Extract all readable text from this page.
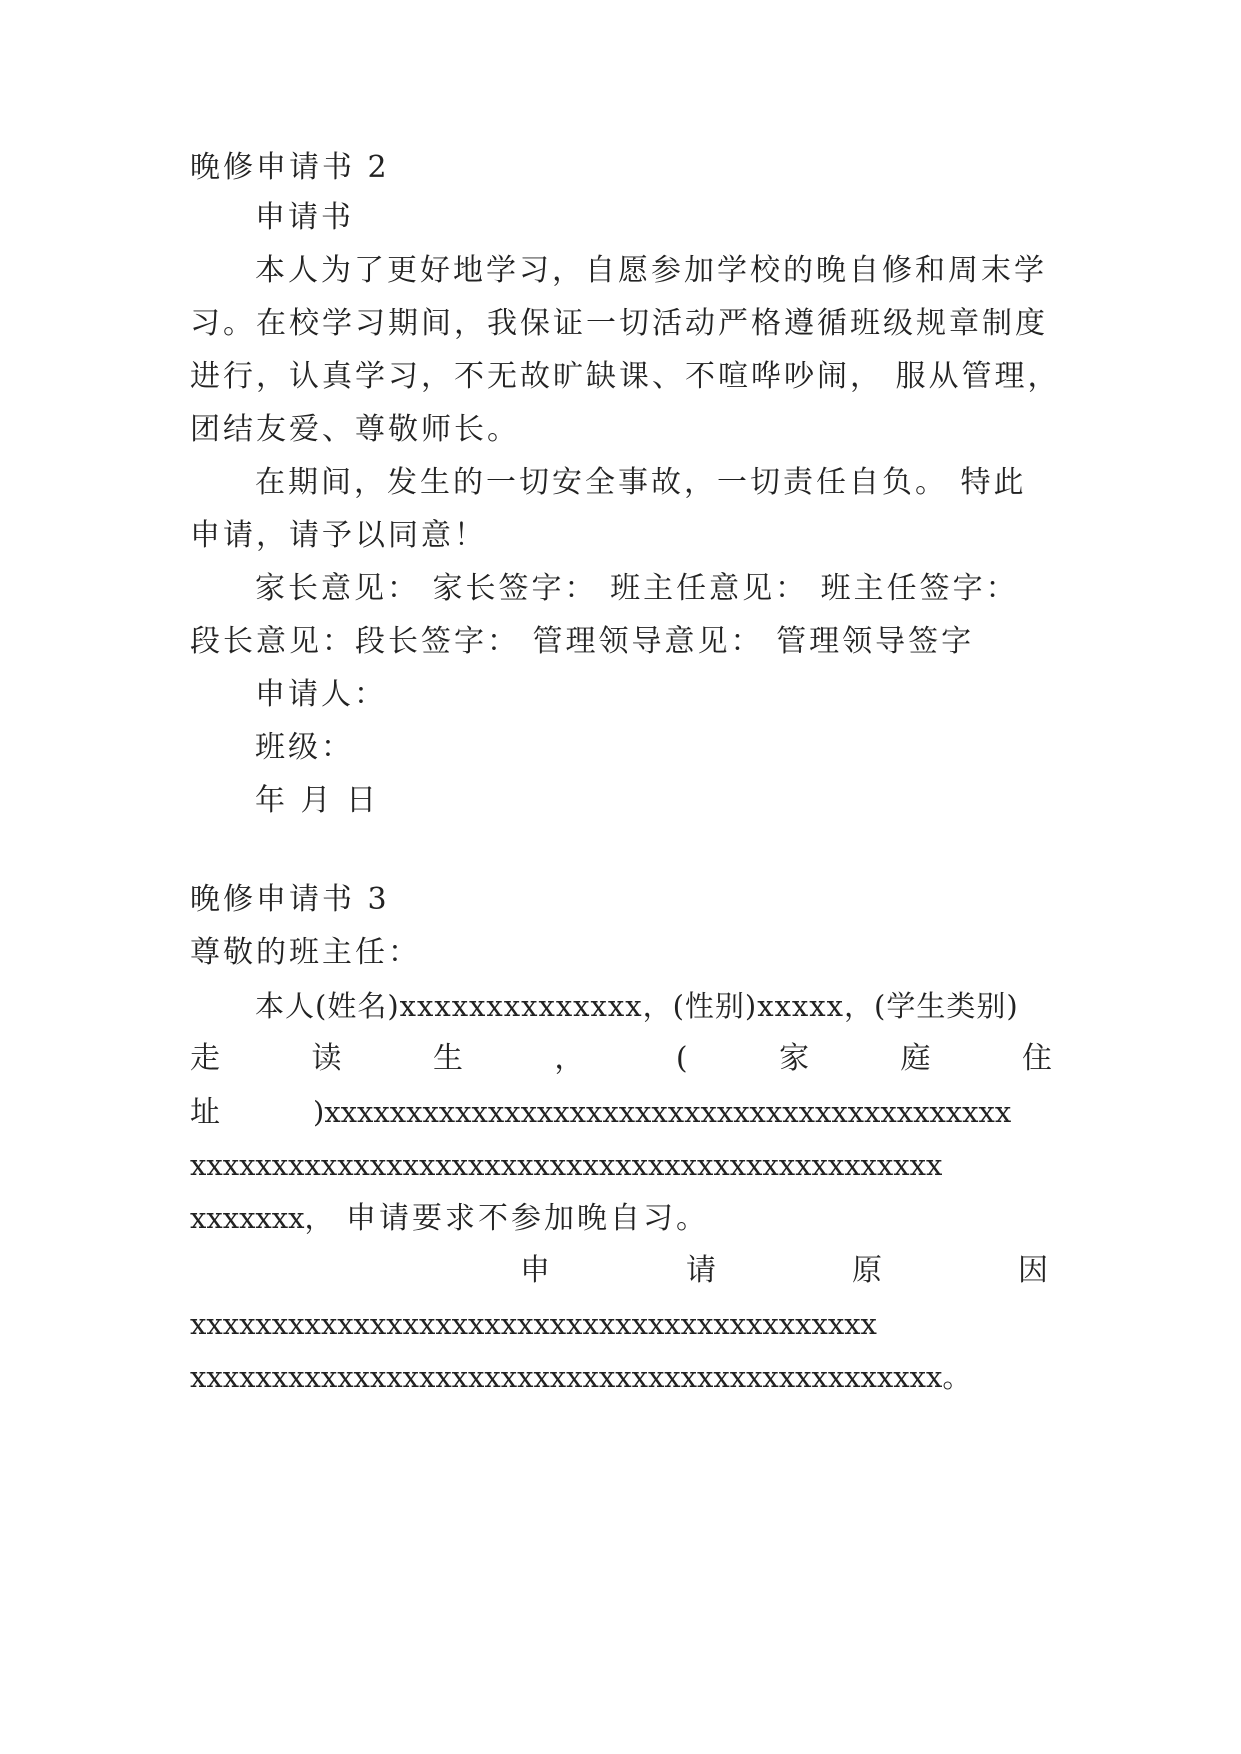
晚修申请书 2
申请书
本人为了更好地学习，自愿参加学校的晚自修和周末学
习。在校学习期间，我保证一切活动严格遵循班级规章制度
进行，认真学习，不无故旷缺课、不喧哗吵闹， 服从管理，
团结友爱、尊敬师长。
在期间，发生的一切安全事故，一切责任自负。 特此
申请，请予以同意！
家长意见： 家长签字： 班主任意见： 班主任签字：
段长意见：段长签字： 管理领导意见： 管理领导签字
申请人：
班级：
年 月 日
晚修申请书 3
尊敬的班主任：
本人(姓名)xxxxxxxxxxxxxx，(性别)xxxxx，(学生类别)
走	读	生	，	(	家	庭	住
址	)xxxxxxxxxxxxxxxxxxxxxxxxxxxxxxxxxxxxxxxxxx
xxxxxxxxxxxxxxxxxxxxxxxxxxxxxxxxxxxxxxxxxxxxxx
xxxxxxx， 申请要求不参加晚自习。
申	请	原	因
xxxxxxxxxxxxxxxxxxxxxxxxxxxxxxxxxxxxxxxxxx
xxxxxxxxxxxxxxxxxxxxxxxxxxxxxxxxxxxxxxxxxxxxxx。
